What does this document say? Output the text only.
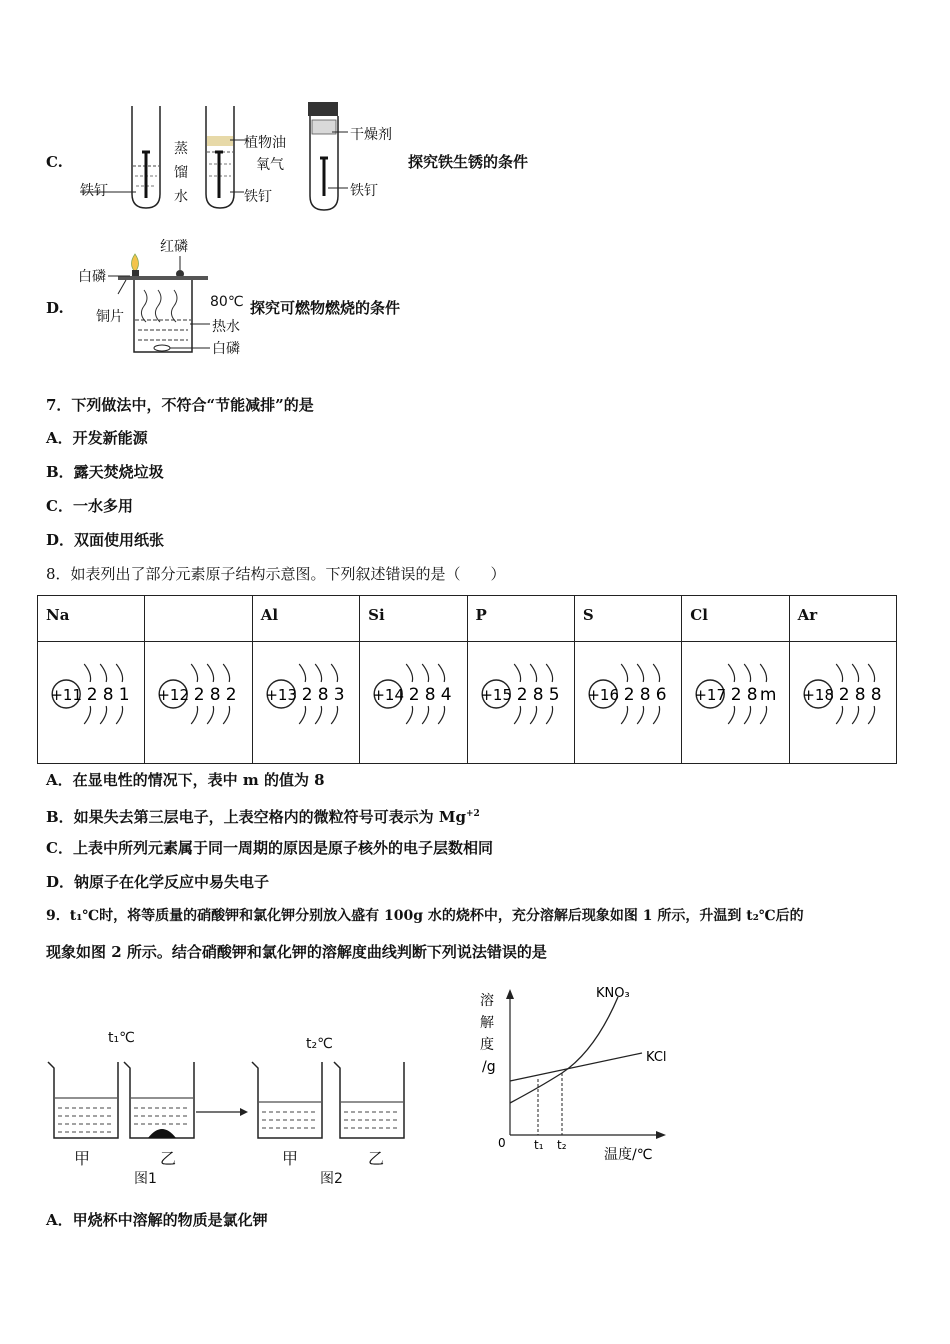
C.
蒸
馏
水
植物油	干燥剂
氧气
铁钉	铁钉	铁钉
探究铁生锈的条件
D.
红磷
白磷
铜片
80℃
热水
白磷
探究可燃物燃烧的条件
7．下列做法中，不符合“节能减排”的是
A．开发新能源
B．露天焚烧垃圾
C．一水多用
D．双面使用纸张
8．如表列出了部分元素原子结构示意图。下列叙述错误的是（　　）
Na		Al	Si	P	S	Cl	Ar

+11 2 8 1	+12 2 8 2	+13 2 8 3	+14 2 8 4	+15 2 8 5	+16 2 8 6	+17 2 8 m	+18 2 8 8
A．在显电性的情况下，表中 m 的值为 8
B．如果失去第三层电子，上表空格内的微粒符号可表示为 $Mg^{+2}$
C．上表中所列元素属于同一周期的原因是原子核外的电子层数相同
D．钠原子在化学反应中易失电子
9．t₁℃时，将等质量的硝酸钾和氯化钾分别放入盛有 100g 水的烧杯中，充分溶解后现象如图 1 所示，升温到 t₂℃后的
现象如图 2 所示。结合硝酸钾和氯化钾的溶解度曲线判断下列说法错误的是
t₁℃	t₂℃
甲	乙
图1
甲	乙
图2
溶
解
度
/g
0 t₁ t₂
温度/℃
KNO₃
KCl
A．甲烧杯中溶解的物质是氯化钾
